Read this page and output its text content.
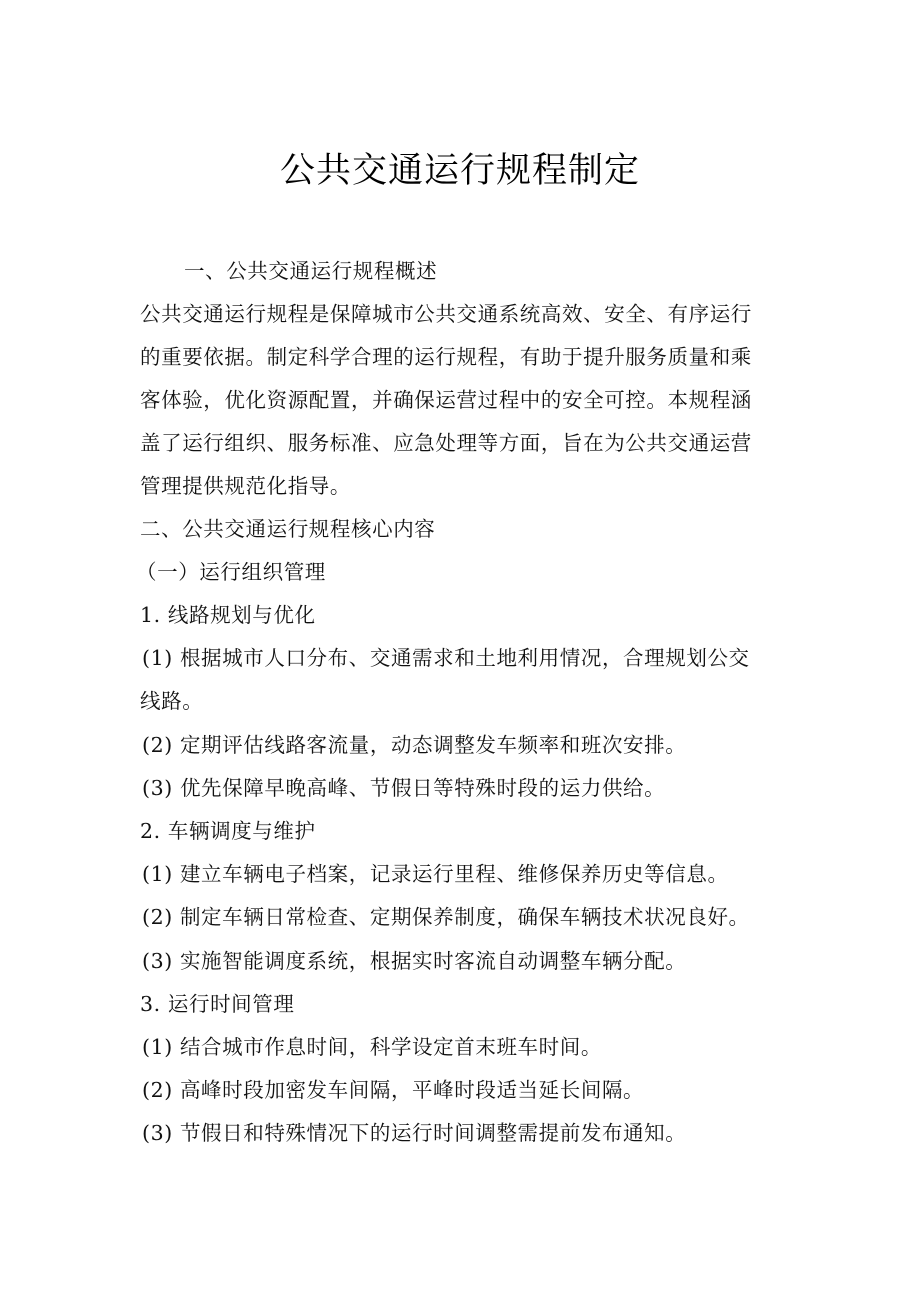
公共交通运行规程制定
一、公共交通运行规程概述
公共交通运行规程是保障城市公共交通系统高效、安全、有序运行
的重要依据。制定科学合理的运行规程，有助于提升服务质量和乘
客体验，优化资源配置，并确保运营过程中的安全可控。本规程涵
盖了运行组织、服务标准、应急处理等方面，旨在为公共交通运营
管理提供规范化指导。
二、公共交通运行规程核心内容
（一）运行组织管理
1. 线路规划与优化
(1) 根据城市人口分布、交通需求和土地利用情况，合理规划公交
线路。
(2) 定期评估线路客流量，动态调整发车频率和班次安排。
(3) 优先保障早晚高峰、节假日等特殊时段的运力供给。
2. 车辆调度与维护
(1) 建立车辆电子档案，记录运行里程、维修保养历史等信息。
(2) 制定车辆日常检查、定期保养制度，确保车辆技术状况良好。
(3) 实施智能调度系统，根据实时客流自动调整车辆分配。
3. 运行时间管理
(1) 结合城市作息时间，科学设定首末班车时间。
(2) 高峰时段加密发车间隔，平峰时段适当延长间隔。
(3) 节假日和特殊情况下的运行时间调整需提前发布通知。
